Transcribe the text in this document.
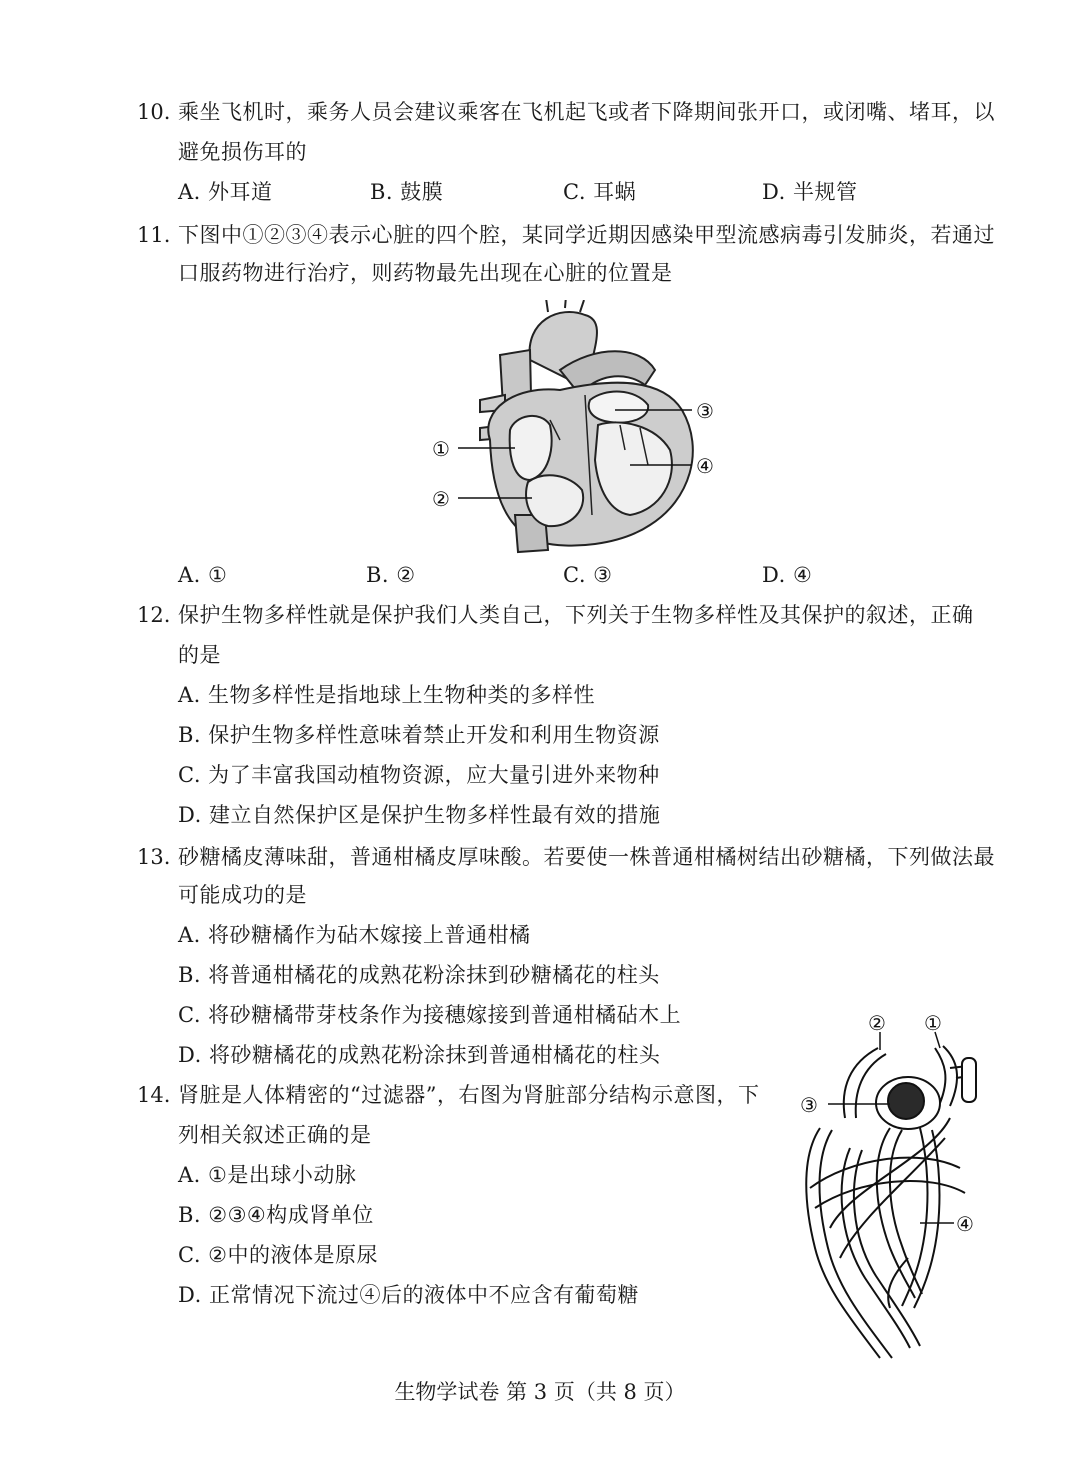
10. 乘坐飞机时，乘务人员会建议乘客在飞机起飞或者下降期间张开口，或闭嘴、堵耳，以
避免损伤耳的
A. 外耳道	B. 鼓膜	C. 耳蜗	D. 半规管
11. 下图中①②③④表示心脏的四个腔，某同学近期因感染甲型流感病毒引发肺炎，若通过
口服药物进行治疗，则药物最先出现在心脏的位置是
①
②
③
④
A. ①	B. ②	C. ③	D. ④
12. 保护生物多样性就是保护我们人类自己，下列关于生物多样性及其保护的叙述，正确
的是
A. 生物多样性是指地球上生物种类的多样性
B. 保护生物多样性意味着禁止开发和利用生物资源
C. 为了丰富我国动植物资源，应大量引进外来物种
D. 建立自然保护区是保护生物多样性最有效的措施
13. 砂糖橘皮薄味甜，普通柑橘皮厚味酸。若要使一株普通柑橘树结出砂糖橘，下列做法最
可能成功的是
A. 将砂糖橘作为砧木嫁接上普通柑橘
B. 将普通柑橘花的成熟花粉涂抹到砂糖橘花的柱头
C. 将砂糖橘带芽枝条作为接穗嫁接到普通柑橘砧木上
D. 将砂糖橘花的成熟花粉涂抹到普通柑橘花的柱头
14. 肾脏是人体精密的“过滤器”，右图为肾脏部分结构示意图，下
列相关叙述正确的是
A. ①是出球小动脉
B. ②③④构成肾单位
C. ②中的液体是原尿
D. 正常情况下流过④后的液体中不应含有葡萄糖
② ①
③
④
生物学试卷 第 3 页（共 8 页）
